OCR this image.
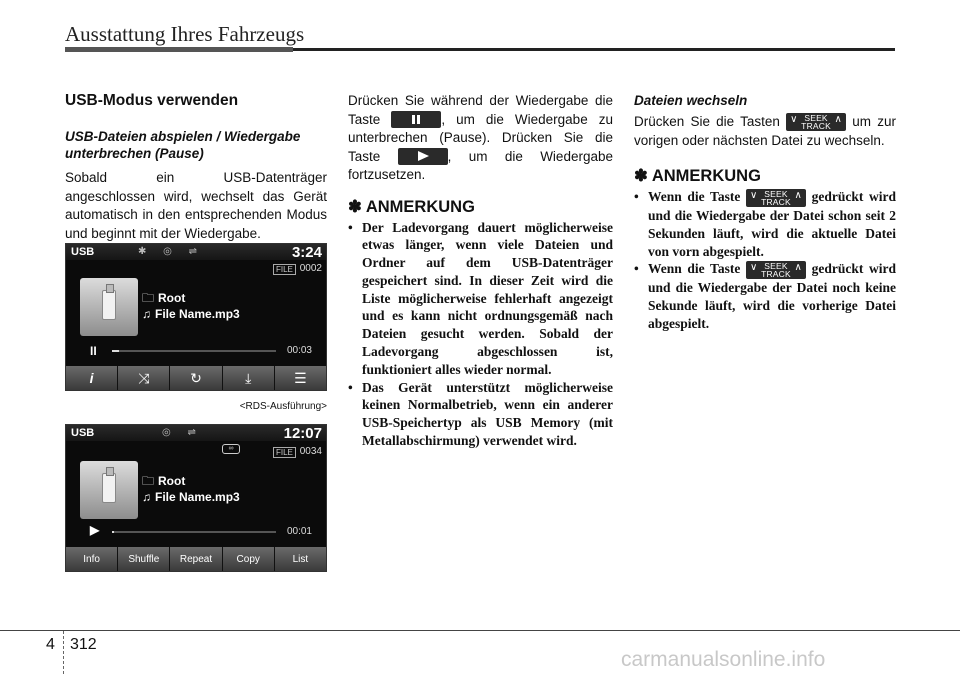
Ausstattung Ihres Fahrzeugs
USB-Modus verwenden
USB-Dateien abspielen / Wiedergabe unterbrechen (Pause)

Sobald ein USB-Datenträger angeschlossen wird, wechselt das Gerät automatisch in den entsprechenden Modus und beginnt mit der Wiedergabe.

USB	✱ ◎ ⇌	3:24
FILE 0002
🗀 Root
♫ File Name.mp3
II	00:03
i	⤨	↻	⤓	☰
<RDS-Ausführung>
USB	◎ ⇌	12:07
∞	FILE 0034
🗀 Root
♫ File Name.mp3
▶	00:01
Info	Shuffle	Repeat	Copy	List

Drücken Sie während der Wiedergabe die Taste	, um die Wiedergabe zu unterbrechen (Pause). Drücken Sie die Taste	, um die Wiedergabe fortzusetzen.

✽ ANMERKUNG
• Der Ladevorgang dauert möglicherweise etwas länger, wenn viele Dateien und Ordner auf dem USB-Datenträger gespeichert sind. In dieser Zeit wird die Liste möglicherweise fehlerhaft angezeigt und es kann nicht ordnungsgemäß nach Dateien gesucht werden. Sobald der Ladevorgang abgeschlossen ist, funktioniert alles wieder normal.
• Das Gerät unterstützt möglicherweise keinen Normalbetrieb, wenn ein anderer USB-Speichertyp als USB Memory (mit Metallabschirmung) verwendet wird.
Dateien wechseln

Drücken Sie die Tasten	∨ SEEK
TRACK
∧	um zur vorigen oder nächsten Datei zu wechseln.

✽ ANMERKUNG
• Wenn die Taste	∨ SEEK
TRACK
∧	gedrückt wird und die Wiedergabe der Datei schon seit 2 Sekunden läuft, wird die aktuelle Datei von vorn abgespielt.
• Wenn die Taste	∨ SEEK
TRACK
∧	gedrückt wird und die Wiedergabe der Datei noch keine Sekunde läuft, wird die vorherige Datei abgespielt.
4 312
carmanualsonline.info
